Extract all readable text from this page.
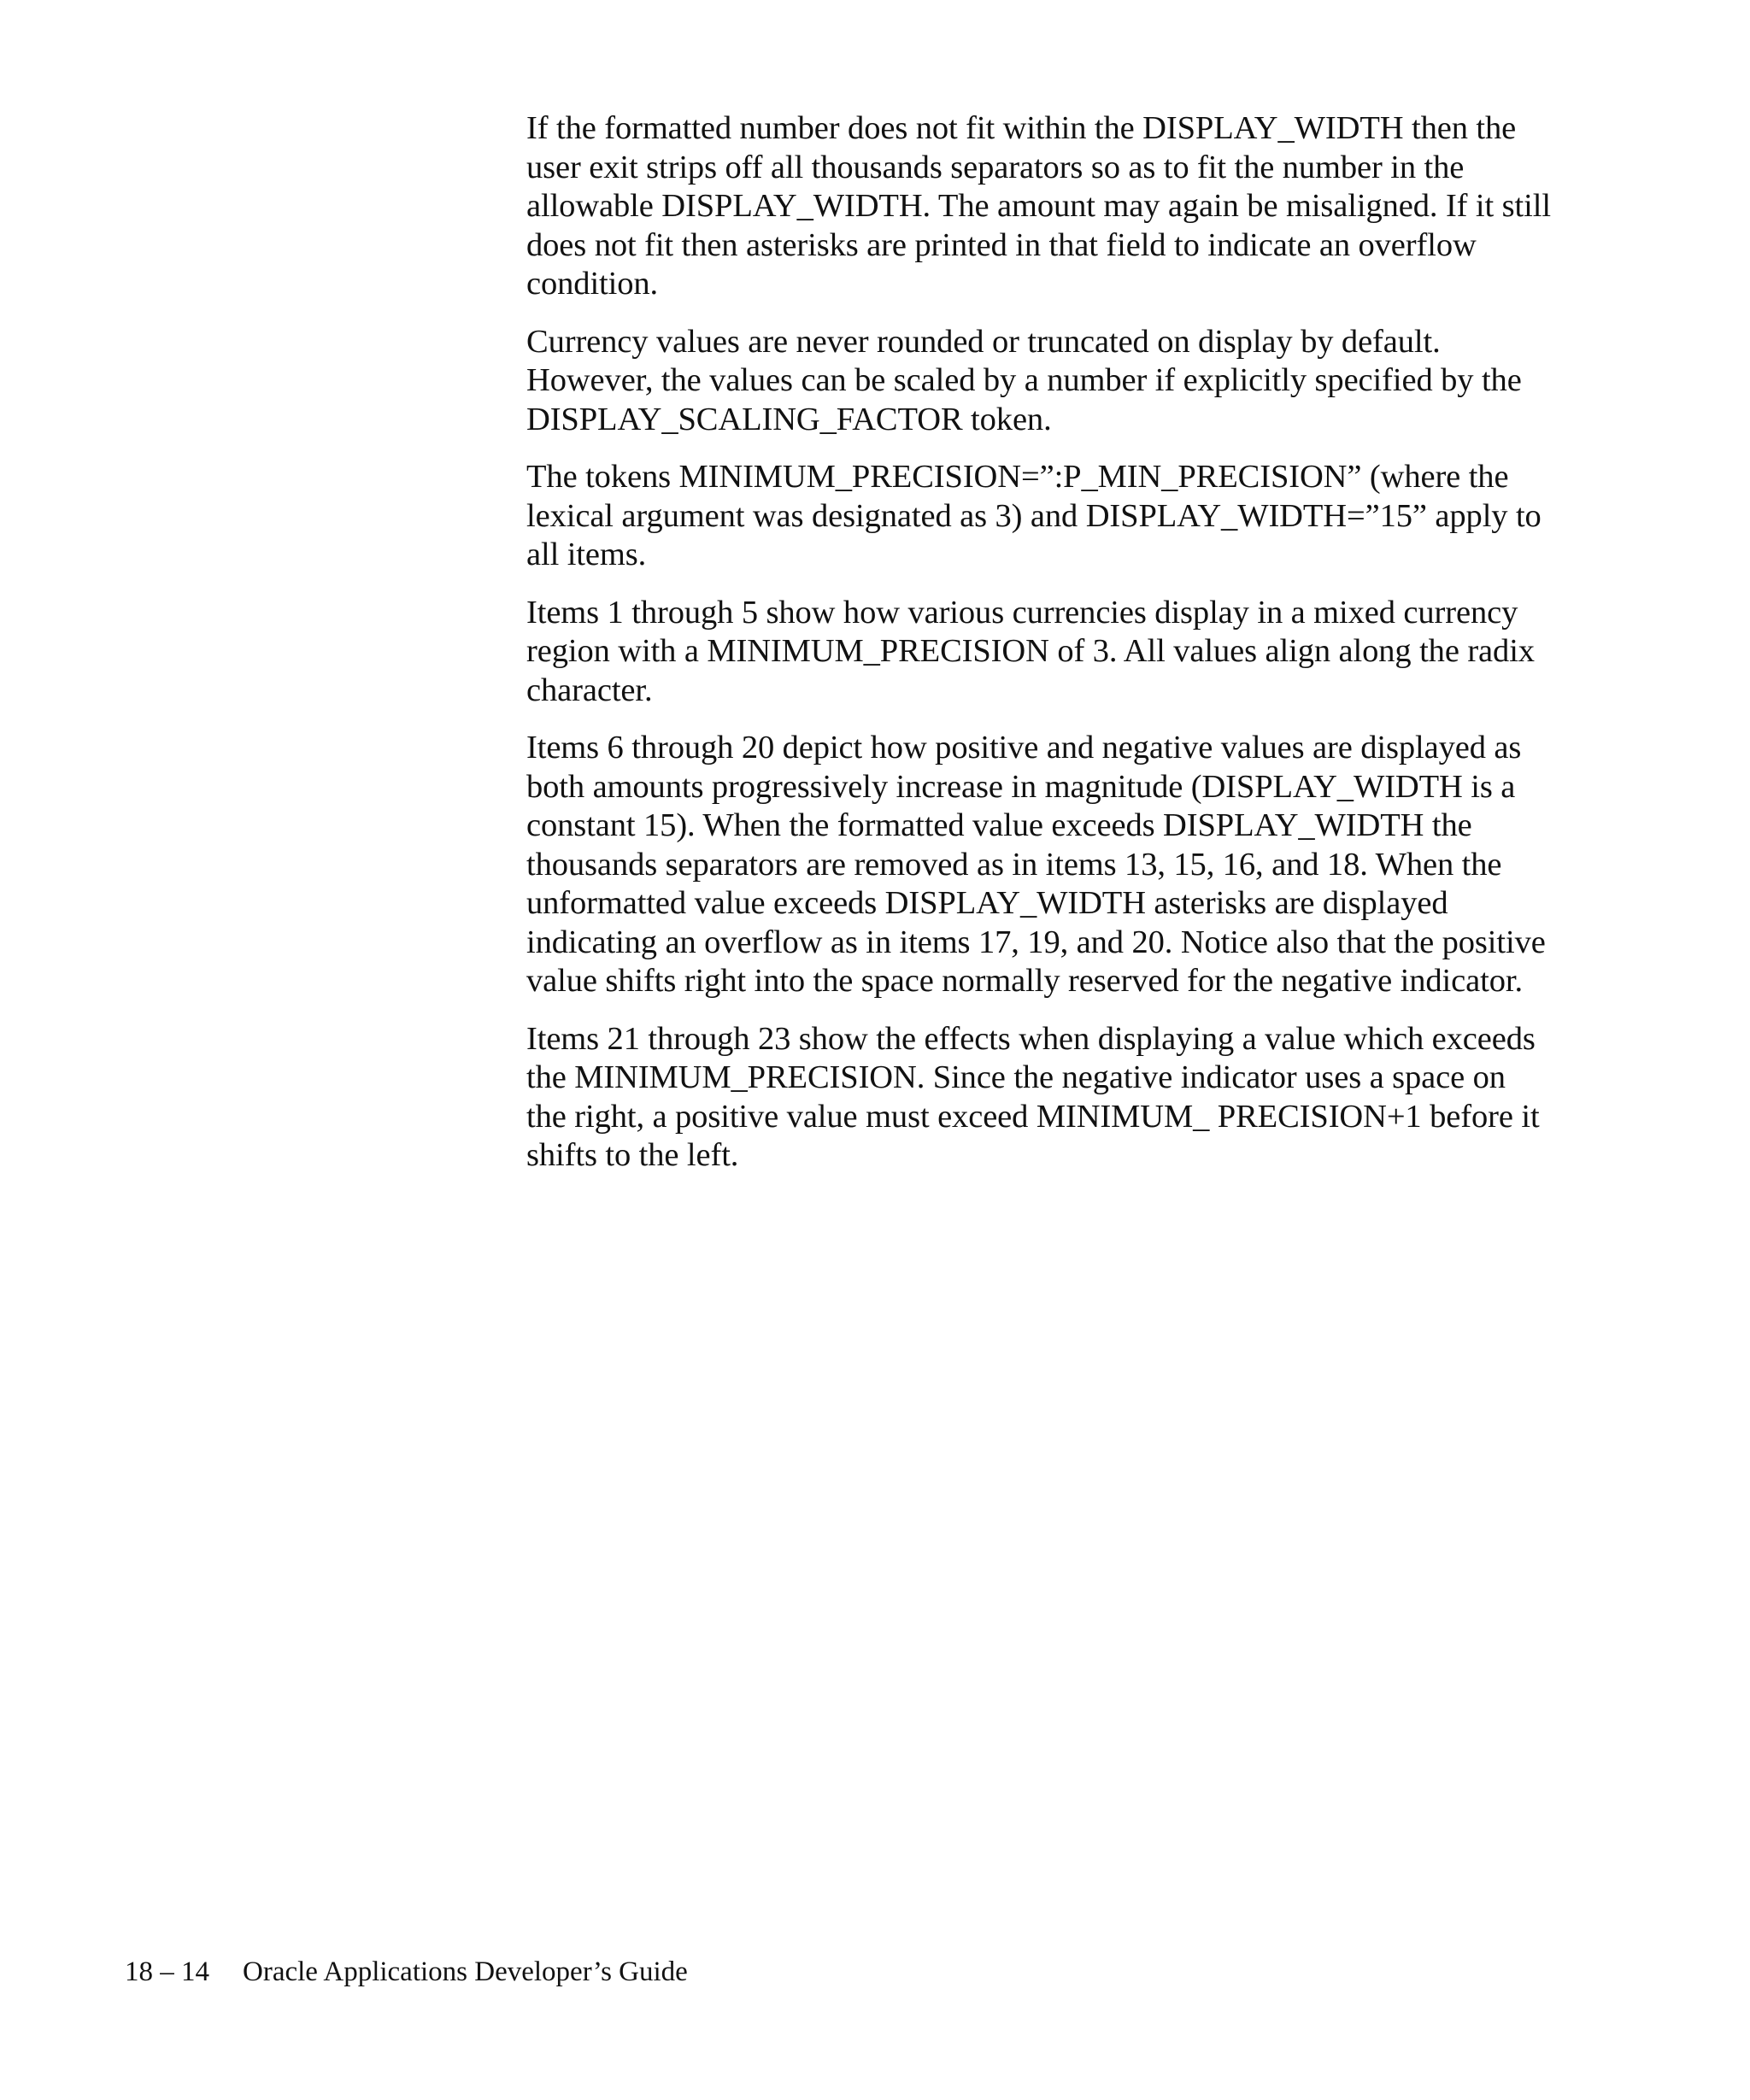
If the formatted number does not fit within the DISPLAY_WIDTH then the user exit strips off all thousands separators so as to fit the number in the allowable DISPLAY_WIDTH. The amount may again be misaligned. If it still does not fit then asterisks are printed in that field to indicate an overflow condition.

Currency values are never rounded or truncated on display by default. However, the values can be scaled by a number if explicitly specified by the DISPLAY_SCALING_FACTOR token.

The tokens MINIMUM_PRECISION=”:P_MIN_PRECISION” (where the lexical argument was designated as 3) and DISPLAY_WIDTH=”15” apply to all items.

Items 1 through 5 show how various currencies display in a mixed currency region with a MINIMUM_PRECISION of 3. All values align along the radix character.

Items 6 through 20 depict how positive and negative values are displayed as both amounts progressively increase in magnitude (DISPLAY_WIDTH is a constant 15). When the formatted value exceeds DISPLAY_WIDTH the thousands separators are removed as in items 13, 15, 16, and 18. When the unformatted value exceeds DISPLAY_WIDTH asterisks are displayed indicating an overflow as in items 17, 19, and 20. Notice also that the positive value shifts right into the space normally reserved for the negative indicator.

Items 21 through 23 show the effects when displaying a value which exceeds the MINIMUM_PRECISION. Since the negative indicator uses a space on the right, a positive value must exceed MINIMUM_ PRECISION+1 before it shifts to the left.

18 – 14 Oracle Applications Developer’s Guide
